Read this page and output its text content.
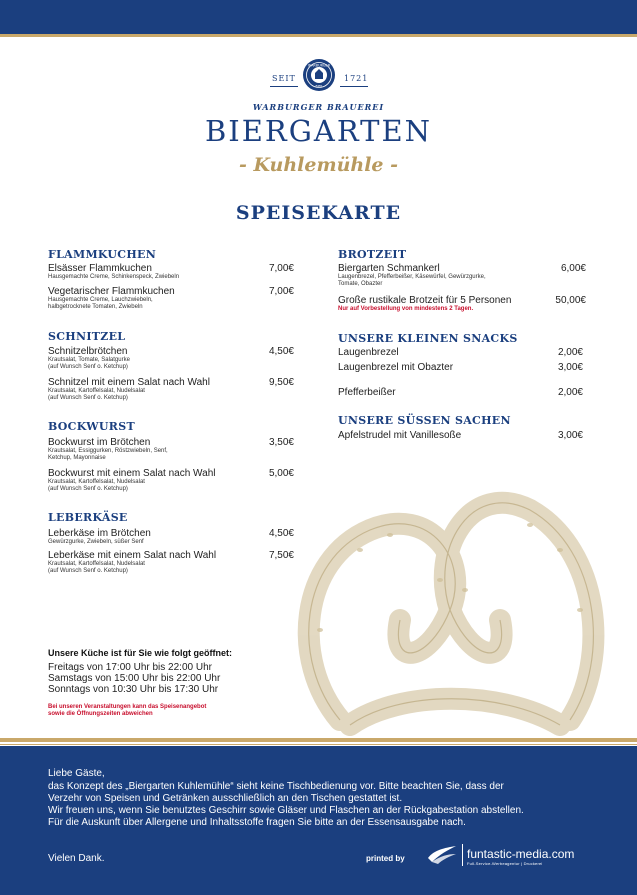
SEIT
WARBURGER
BIER
1721
WARBURGER BRAUEREI
BIERGARTEN
- Kuhlemühle -
SPEISEKARTE
FLAMMKUCHEN
Elsässer Flammkuchen
Hausgemachte Creme, Schinkenspeck, Zwiebeln
7,00€
Vegetarischer Flammkuchen
Hausgemachte Creme, Lauchzwiebeln,
halbgetrocknete Tomaten, Zwiebeln
7,00€
SCHNITZEL
Schnitzelbrötchen
Krautsalat, Tomate, Salatgurke
(auf Wunsch Senf o. Ketchup)
4,50€
Schnitzel mit einem Salat nach Wahl
Krautsalat, Kartoffelsalat, Nudelsalat
(auf Wunsch Senf o. Ketchup)
9,50€
BOCKWURST
Bockwurst im Brötchen
Krautsalat, Essiggurken, Röstzwiebeln, Senf,
Ketchup, Mayonnaise
3,50€
Bockwurst mit einem Salat nach Wahl
Krautsalat, Kartoffelsalat, Nudelsalat
(auf Wunsch Senf o. Ketchup)
5,00€
LEBERKÄSE
Leberkäse im Brötchen
Gewürzgurke, Zwiebeln, süßer Senf
4,50€
Leberkäse mit einem Salat nach Wahl
Krautsalat, Kartoffelsalat, Nudelsalat
(auf Wunsch Senf o. Ketchup)
7,50€
BROTZEIT
Biergarten Schmankerl
Laugenbrezel, Pfefferbeißer, Käsewürfel, Gewürzgurke,
Tomate, Obazter
6,00€
Große rustikale Brotzeit für 5 Personen
Nur auf Vorbestellung von mindestens 2 Tagen.
50,00€
UNSERE KLEINEN SNACKS
Laugenbrezel	2,00€
Laugenbrezel mit Obazter	3,00€
Pfefferbeißer	2,00€
UNSERE SÜSSEN SACHEN
Apfelstrudel mit Vanillesoße	3,00€
Unsere Küche ist für Sie wie folgt geöffnet:
Freitags von 17:00 Uhr bis 22:00 Uhr
Samstags von 15:00 Uhr bis 22:00 Uhr
Sonntags von 10:30 Uhr bis 17:30 Uhr
Bei unseren Veranstaltungen kann das Speisenangebot
sowie die Öffnungszeiten abweichen
Liebe Gäste,
das Konzept des „Biergarten Kuhlemühle“ sieht keine Tischbedienung vor. Bitte beachten Sie, dass der
Verzehr von Speisen und Getränken ausschließlich an den Tischen gestattet ist.
Wir freuen uns, wenn Sie benutztes Geschirr sowie Gläser und Flaschen an der Rückgabestation abstellen.
Für die Auskunft über Allergene und Inhaltsstoffe fragen Sie bitte an der Essensausgabe nach.
Vielen Dank.	printed by	funtastic-media.com
Full-Service-Werbeagentur | Druckerei
